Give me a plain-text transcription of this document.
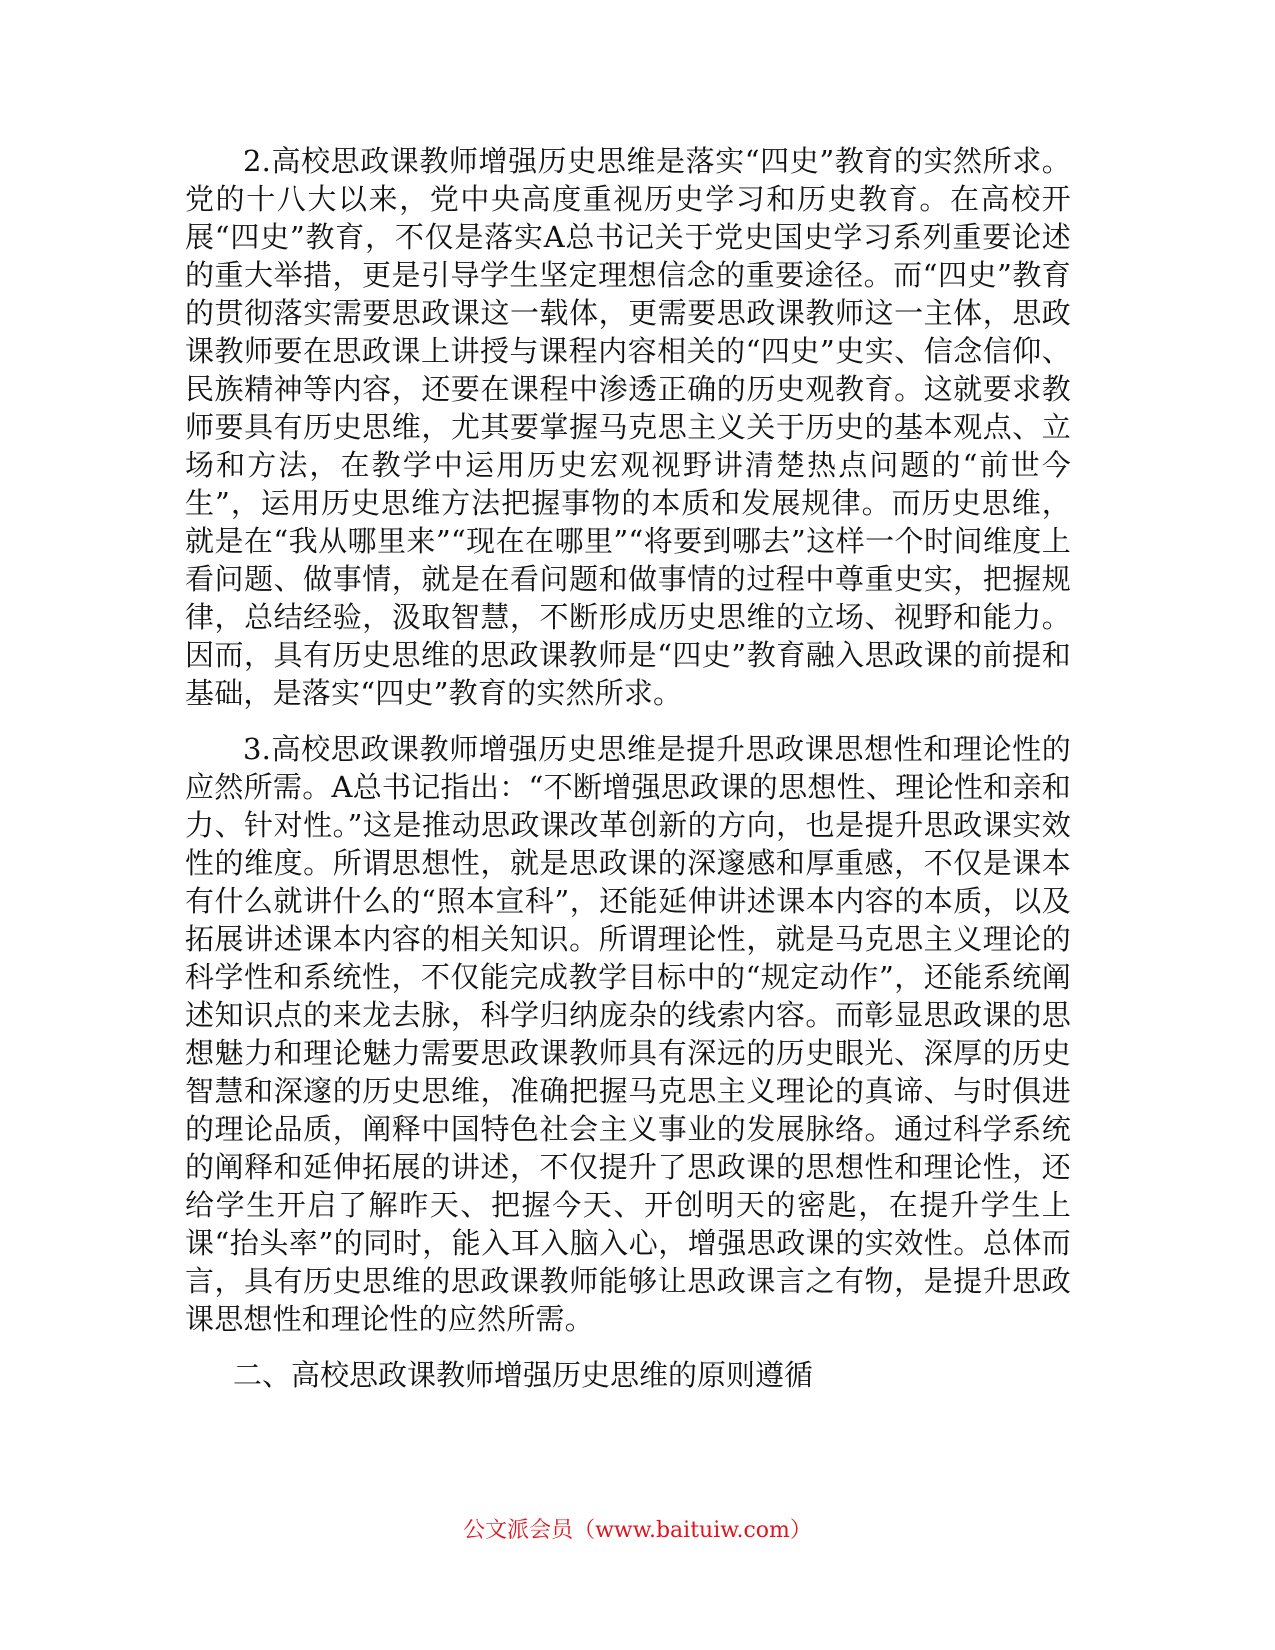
2.高校思政课教师增强历史思维是落实“四史”教育的实然所求。党的十八大以来，党中央高度重视历史学习和历史教育。在高校开展“四史”教育，不仅是落实A总书记关于党史国史学习系列重要论述的重大举措，更是引导学生坚定理想信念的重要途径。而“四史”教育的贯彻落实需要思政课这一载体，更需要思政课教师这一主体，思政课教师要在思政课上讲授与课程内容相关的“四史”史实、信念信仰、民族精神等内容，还要在课程中渗透正确的历史观教育。这就要求教师要具有历史思维，尤其要掌握马克思主义关于历史的基本观点、立场和方法，在教学中运用历史宏观视野讲清楚热点问题的“前世今生”，运用历史思维方法把握事物的本质和发展规律。而历史思维，就是在“我从哪里来”“现在在哪里”“将要到哪去”这样一个时间维度上看问题、做事情，就是在看问题和做事情的过程中尊重史实，把握规律，总结经验，汲取智慧，不断形成历史思维的立场、视野和能力。因而，具有历史思维的思政课教师是“四史”教育融入思政课的前提和基础，是落实“四史”教育的实然所求。

3.高校思政课教师增强历史思维是提升思政课思想性和理论性的应然所需。A总书记指出：“不断增强思政课的思想性、理论性和亲和力、针对性。”这是推动思政课改革创新的方向，也是提升思政课实效性的维度。所谓思想性，就是思政课的深邃感和厚重感，不仅是课本有什么就讲什么的“照本宣科”，还能延伸讲述课本内容的本质，以及拓展讲述课本内容的相关知识。所谓理论性，就是马克思主义理论的科学性和系统性，不仅能完成教学目标中的“规定动作”，还能系统阐述知识点的来龙去脉，科学归纳庞杂的线索内容。而彰显思政课的思想魅力和理论魅力需要思政课教师具有深远的历史眼光、深厚的历史智慧和深邃的历史思维，准确把握马克思主义理论的真谛、与时俱进的理论品质，阐释中国特色社会主义事业的发展脉络。通过科学系统的阐释和延伸拓展的讲述，不仅提升了思政课的思想性和理论性，还给学生开启了解昨天、把握今天、开创明天的密匙，在提升学生上课“抬头率”的同时，能入耳入脑入心，增强思政课的实效性。总体而言，具有历史思维的思政课教师能够让思政课言之有物，是提升思政课思想性和理论性的应然所需。

二、高校思政课教师增强历史思维的原则遵循

公文派会员（www.baituiw.com）
